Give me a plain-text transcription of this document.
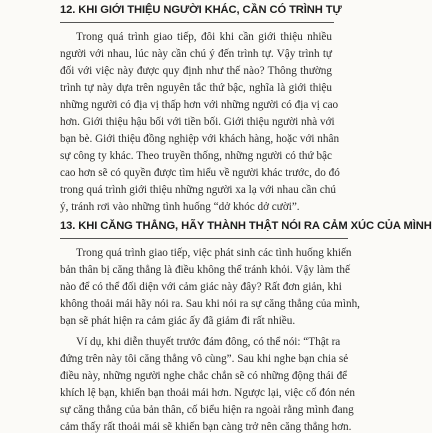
12. KHI GIỚI THIỆU NGƯỜI KHÁC, CẦN CÓ TRÌNH TỰ
Trong quá trình giao tiếp, đôi khi cần giới thiệu nhiều
người với nhau, lúc này cần chú ý đến trình tự. Vậy trình tự
đối với việc này được quy định như thế nào? Thông thường
trình tự này dựa trên nguyên tắc thứ bậc, nghĩa là giới thiệu
những người có địa vị thấp hơn với những người có địa vị cao
hơn. Giới thiệu hậu bối với tiền bối. Giới thiệu người nhà với
bạn bè. Giới thiệu đồng nghiệp với khách hàng, hoặc với nhân
sự công ty khác. Theo truyền thống, những người có thứ bậc
cao hơn sẽ có quyền được tìm hiểu về người khác trước, do đó
trong quá trình giới thiệu những người xa lạ với nhau cần chú
ý, tránh rơi vào những tình huống “dở khóc dở cười”.
13. KHI CĂNG THẲNG, HÃY THÀNH THẬT NÓI RA CẢM XÚC CỦA MÌNH
Trong quá trình giao tiếp, việc phát sinh các tình huống khiến
bản thân bị căng thẳng là điều không thể tránh khỏi. Vậy làm thế
nào để có thể đối diện với cảm giác này đây? Rất đơn giản, khi
không thoải mái hãy nói ra. Sau khi nói ra sự căng thẳng của mình,
bạn sẽ phát hiện ra cảm giác ấy đã giảm đi rất nhiều.
Ví dụ, khi diễn thuyết trước đám đông, có thể nói: “Thật ra
đứng trên này tôi căng thẳng vô cùng”. Sau khi nghe bạn chia sẻ
điều này, những người nghe chắc chắn sẽ có những động thái để
khích lệ bạn, khiến bạn thoải mái hơn. Ngược lại, việc cố đón nén
sự căng thẳng của bản thân, cố biểu hiện ra ngoài rằng mình đang
cảm thấy rất thoải mái sẽ khiến bạn càng trở nên căng thẳng hơn.
